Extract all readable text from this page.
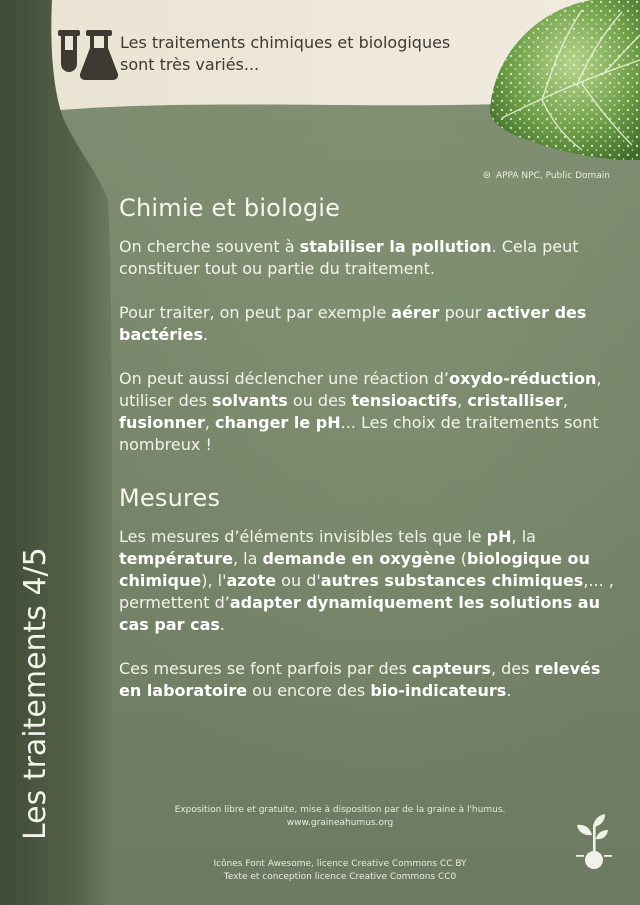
Les traitements chimiques et biologiques
sont très variés...
⊜ APPA NPC, Public Domain
Chimie et biologie

On cherche souvent à stabiliser la pollution. Cela peut constituer tout ou partie du traitement.

Pour traiter, on peut par exemple aérer pour activer des bactéries.

On peut aussi déclencher une réaction d’oxydo-réduction, utiliser des solvants ou des tensioactifs, cristalliser, fusionner, changer le pH... Les choix de traitements sont nombreux !

Mesures

Les mesures d’éléments invisibles tels que le pH, la température, la demande en oxygène (biologique ou chimique), l'azote ou d'autres substances chimiques,... , permettent d’adapter dynamiquement les solutions au cas par cas.

Ces mesures se font parfois par des capteurs, des relevés en laboratoire ou encore des bio-indicateurs.

Les traitements 4/5	Exposition libre et gratuite, mise à disposition par de la graine à l'humus.
www.graineahumus.org
Icônes Font Awesome, licence Creative Commons CC BY
Texte et conception licence Creative Commons CC0
